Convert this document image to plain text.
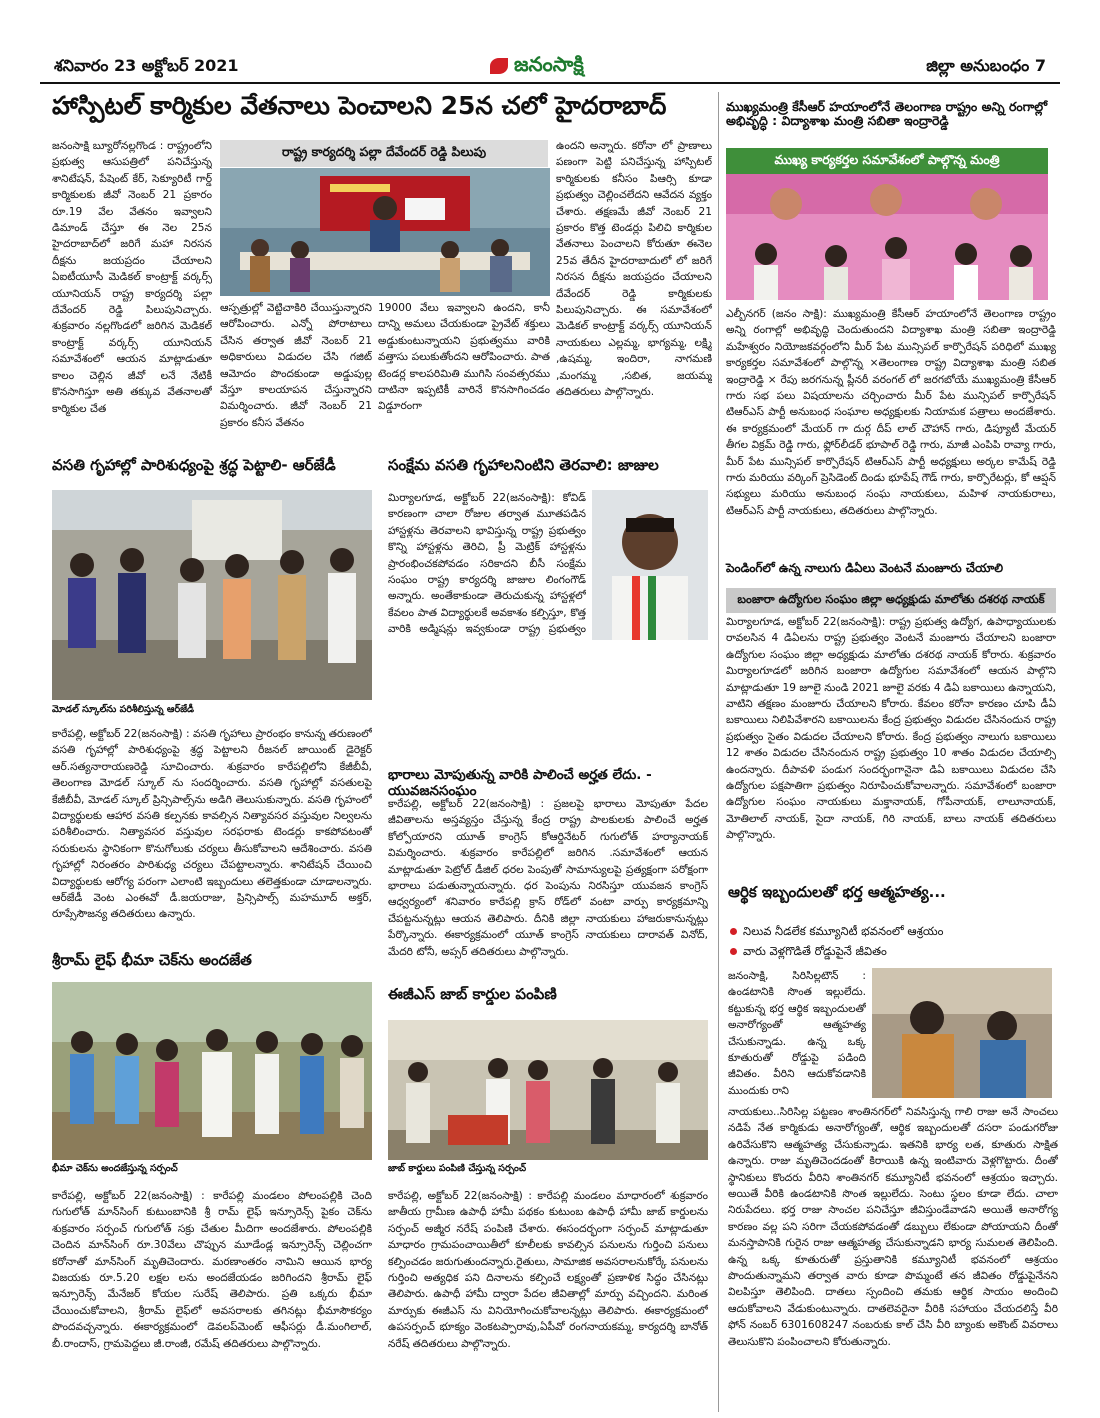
శనివారం 23 అక్టోబర్ 2021	జనంసాక్షి	జిల్లా అనుబంధం 7
హాస్పిటల్ కార్మికుల వేతనాలు పెంచాలని 25న చలో హైదరాబాద్
జనంసాక్షి బ్యూరోనల్లగొండ : రాష్ట్రంలోని ప్రభుత్వ ఆసుపత్రిలో పనిచేస్తున్న శానిటేషన్, పేషెంట్ కేర్, సెక్యూరిటీ గార్డ్ కార్మికులకు జీవో నెంబర్ 21 ప్రకారం రూ.19 వేల వేతనం ఇవ్వాలని డిమాండ్ చేస్తూ ఈ నెల 25న హైదరాబాద్‌లో జరిగే మహా నిరసన దీక్షను జయప్రదం చేయాలని ఏఐటీయూసీ మెడికల్ కాంట్రాక్ట్ వర్కర్స్ యూనియన్ రాష్ట్ర కార్యదర్శి పల్లా దేవేందర్ రెడ్డి పిలుపునిచ్చారు. శుక్రవారం నల్లగొండలో జరిగిన మెడికల్ కాంట్రాక్ట్ వర్కర్స్ యూనియన్ సమావేశంలో ఆయన మాట్లాడుతూ కాలం చెల్లిన జీవో లనే నేటికీ కొనసాగిస్తూ అతి తక్కువ వేతనాలతో కార్మికుల చేత
రాష్ట్ర కార్యదర్శి పల్లా దేవేందర్ రెడ్డి పిలుపు
ఆస్పత్రుల్లో వెట్టిచాకిరి చేయిస్తున్నారని ఆరోపించారు. ఎన్నో పోరాటాలు చేసిన తర్వాత జీవో నెంబర్ 21 అధికారులు విడుదల చేసి గజిట్ ఆమోదం పొందకుండా అడ్డుపుల్ల వేస్తూ కాలయాపన చేస్తున్నారని విమర్శించారు. జీవో నెంబర్ 21 ప్రకారం కనీస వేతనం
19000 వేలు ఇవ్వాలని ఉందని, కానీ దాన్ని అమలు చేయకుండా ప్రైవేట్ శక్తులు అడ్డుకుంటున్నాయని ప్రభుత్వము వారికి వత్తాసు పలుకుతోందని ఆరోపించారు. పాత టెండర్ల కాలపరిమితి ముగిసి సంవత్సరము దాటినా ఇప్పటికీ వారినే కొనసాగించడం విడ్డూరంగా
ఉందని అన్నారు. కరోనా లో ప్రాణాలు పణంగా పెట్టి పనిచేస్తున్న హాస్పిటల్ కార్మికులకు కనీసం పిఆర్సి కూడా ప్రభుత్వం చెల్లించలేదని ఆవేదన వ్యక్తం చేశారు. తక్షణమే జీవో నెంబర్ 21 ప్రకారం కొత్త టెండర్లు పిలిచి కార్మికుల వేతనాలు పెంచాలని కోరుతూ ఈనెల 25వ తేదీన హైదరాబాదులో లో జరిగే నిరసన దీక్షను జయప్రదం చేయాలని దేవేందర్ రెడ్డి కార్మికులకు పిలుపునిచ్చారు. ఈ సమావేశంలో మెడికల్ కాంట్రాక్ట్ వర్కర్స్ యూనియన్ నాయకులు ఎల్లమ్మ, భాగ్యమ్మ, లక్ష్మి ,ఉషమ్మ, ఇందిరా, నాగమణి ,మంగమ్మ ,సబిత, జయమ్మ తదితరులు పాల్గొన్నారు.
వసతి గృహాల్లో పారిశుధ్యంపై శ్రద్ధ పెట్టాలి- ఆర్‌జేడీ
మోడల్ స్కూల్‌ను పరిశీలిస్తున్న ఆర్‌జేడీ
కారేపల్లి, అక్టోబర్ 22(జనంసాక్షి) : వసతి గృహాలు ప్రారంభం కానున్న తరుణంలో వసతి గృహాల్లో పారిశుధ్యంపై శ్రద్ధ పెట్టాలని రీజనల్ జాయింట్ డైరెక్టర్ ఆర్.సత్యనారాయణరెడ్డి సూచించారు. శుక్రవారం కారేపల్లిలోని కేజీబీవీ, తెలంగాణ మోడల్ స్కూల్ ను సందర్శించారు. వసతి గృహాల్లో వసతులపై కేజీబీవీ, మోడల్ స్కూల్ ప్రిన్సిపాల్స్‌ను అడిగి తెలుసుకున్నారు. వసతి గృహంలో విద్యార్థులకు ఆహార వసతి కల్పనకు కావల్సిన నిత్యావసర వస్తువుల నిల్వలను పరిశీలించారు. నిత్యావసర వస్తువుల సరఫరాకు టెండర్లు కాకపోవటంతో సరుకులను స్థానికంగా కొనుగోలుకు చర్యలు తీసుకోవాలని ఆదేశించారు. వసతి గృహాల్లో నిరంతరం పారిశుధ్య చర్యలు చేపట్టాలన్నారు. శానిటేషన్ చేయించి విద్యార్థులకు ఆరోగ్య పరంగా ఎలాంటి ఇబ్బందులు తలెత్తకుండా చూడాలన్నారు. ఆర్‌జేడీ వెంట ఎంఈవో డీ.జయరాజు, ప్రిన్సిపాల్స్ మహమూద్ అక్తర్, రూప్సేసౌజన్య తదితరులు ఉన్నారు.
శ్రీరామ్ లైఫ్ భీమా చెక్‌ను అందజేత
భీమా చెక్‌ను అందజేస్తున్న సర్పంచ్
కారేపల్లి, అక్టోబర్ 22(జనంసాక్షి) : కారేపల్లి మండలం పోలంపల్లికి చెంది గుగులోత్ మాన్‌సింగ్ కుటుంబానికి శ్రీ రామ్ లైఫ్ ఇన్సూరెన్స్ పైకం చెక్‌ను శుక్రవారం సర్పంచ్ గుగులోత్ సక్రు చేతుల మీదిగా అందజేశారు. పోలంపల్లికి చెందిన మాన్‌సింగ్ రూ.30వేలు చొప్పున మూడేండ్ల ఇన్సూరెన్స్ చెల్లించగా కరోనాతో మాన్‌సింగ్ మృతిచెందారు. మరణాంతరం నామిని ఆయిన భార్య విజయకు రూ.5.20 లక్షల లను అందజేయడం జరిగిందని శ్రీరామ్ లైఫ్ ఇన్సూరెన్స్ మేనేజర్ కోయల సురేష్ తెలిపారు. ప్రతి ఒక్కరు భీమా చేయించుకోవాలని, శ్రీరామ్ లైఫ్‌లో అవసరాలకు తగినట్లు భీమాసౌకర్యం పొందవచ్చన్నారు. ఈకార్యక్రమంలో డెవలప్‌మెంట్ ఆఫీసర్లు డీ.మంగిలాల్, బీ.రాందాస్, గ్రామపెద్దలు జీ.రాంజీ, రమేష్ తదితరులు పాల్గొన్నారు.
సంక్షేమ వసతి గృహాలనింటిని తెరవాలి: జాజుల
మిర్యాలగూడ, అక్టోబర్ 22(జనంసాక్షి): కోవిడ్ కారణంగా చాలా రోజుల తర్వాత మూతపడిన హాస్టళ్లను తెరవాలని భావిస్తున్న రాష్ట్ర ప్రభుత్వం కొన్ని హాస్టళ్లను తెరిచి, ప్రీ మెట్రిక్ హాస్టళ్లను ప్రారంభించకపోవడం సరికాదని బీసీ సంక్షేమ సంఘం రాష్ట్ర కార్యదర్శి జాజుల లింగంగౌడ్ అన్నారు. అంతేకాకుండా తెరుచుకున్న హాస్టళ్లలో కేవలం పాత విద్యార్థులకే అవకాశం కల్పిస్తూ, కొత్త వారికి అడ్మిషన్లు ఇవ్వకుండా రాష్ట్ర ప్రభుత్వం
భారాలు మోపుతున్న వారికి పాలించే అర్హత లేదు. - యువజనసంఘం
కారేపల్లి, అక్టోబర్ 22(జనంసాక్షి) : ప్రజలపై భారాలు మోపుతూ పేదల జీవితాలను అస్తవ్యస్తం చేస్తున్న కేంద్ర రాష్ట్ర పాలకులకు పాలించే అర్హత కోల్పోయారని యూత్ కాంగ్రెస్ కోఆర్డినేటర్ గుగులోత్ హర్యానాయక్ విమర్శించారు. శుక్రవారం కారేపల్లిలో జరిగిన .సమావేశంలో ఆయన మాట్లాడుతూ పెట్రోల్ డీజిల్ ధరల పెంపుతో సామాన్యులపై ప్రత్యక్షంగా పరోక్షంగా భారాలు పడుతున్నాయన్నారు. ధర పెంపును నిరసిస్తూ యువజన కాంగ్రెస్ ఆధ్వర్యంలో శనివారం కారేపల్లి క్రాస్ రోడ్‌లో వంటా వార్పు కార్యక్రమాన్ని చేపట్టనున్నట్లు ఆయన తెలిపారు. దీనికి జిల్లా నాయకులు హాజరుకానున్నట్లు పేర్కొన్నారు. ఈకార్యక్రమంలో యూత్ కాంగ్రెస్ నాయకులు దారావత్ వినోద్, మేదరి టోనీ, అప్సర్ తదితరులు పాల్గొన్నారు.
ఈజీఎస్ జాబ్ కార్డుల పంపిణి
జాబ్ కార్డులు పంపిణి చేస్తున్న సర్పంచ్
కారేపల్లి, అక్టోబర్ 22(జనంసాక్షి) : కారేపల్లి మండలం మాధారంలో శుక్రవారం జాతీయ గ్రామీణ ఉపాధీ హామీ పథకం కుటుంబ ఉపాధీ హామీ జాబ్ కార్డులను సర్పంచ్ అజ్మీర నరేష్ పంపిణి చేశారు. ఈసందర్భంగా సర్పంచ్ మాట్లాడుతూ మాధారం గ్రామపంచాయితీలో కూలీలకు కావల్సిన పనులను గుర్తించి పనులు కల్పించడం జరుగుతుందన్నారు.రైతులు, సామాజిక అవసరాలనుకోర్కే పనులను గుర్తించి అత్యధిక పని దినాలను కల్పించే లక్ష్యంతో ప్రణాళిక సిద్ధం చేసినట్లు తెలిపారు. ఉపాధీ హామీ ద్వారా పేదల జీవితాల్లో మార్పు వచ్చిందని. మరింత మార్పుకు ఈజీఎస్ ను వినియోగించుకోవాలన్నట్లు తెలిపారు. ఈకార్యక్రమంలో ఉపసర్పంచ్ భూక్యం వెంకటప్పారావు,ఏపీవో రంగనాయకమ్మ, కార్యదర్శి బానోత్ నరేష్ తదితరులు పాల్గొన్నారు.
ముఖ్యమంత్రి కేసీఆర్ హయాంలోనే తెలంగాణ రాష్ట్రం అన్ని రంగాల్లో అభివృద్ధి : విద్యాశాఖ మంత్రి సబితా ఇంద్రారెడ్డి
ముఖ్య కార్యకర్తల సమావేశంలో పాల్గొన్న మంత్రి
ఎల్బీనగర్ (జనం సాక్షి): ముఖ్యమంత్రి కేసీఆర్ హయాంలోనే తెలంగాణ రాష్ట్రం అన్ని రంగాల్లో అభివృద్ధి చెందుతుందని విద్యాశాఖ మంత్రి సబితా ఇంద్రారెడ్డి మహేశ్వరం నియోజకవర్గంలోని మీర్ పేట మున్సిపల్ కార్పొరేషన్ పరిధిలో ముఖ్య కార్యకర్తల సమావేశంలో పాల్గొన్న ×తెలంగాణ రాష్ట్ర విద్యాశాఖ మంత్రి సబిత ఇంద్రారెడ్డి × రేపు జరగనున్న ప్లీనరీ వరంగల్ లో జరగబోయే ముఖ్యమంత్రి కేసీఆర్ గారు సభ పలు విషయాలను చర్చించారు మీర్ పేట మున్సిపల్ కార్పొరేషన్ టిఆర్ఎస్ పార్టీ అనుబంధ సంఘాల అధ్యక్షులకు నియామక పత్రాలు అందజేశారు. ఈ కార్యక్రమంలో మేయర్ గా దుర్గ దీప్ లాల్ చౌహాన్ గారు, డిప్యూటీ మేయర్ తీగల విక్రమ్ రెడ్డి గారు, ఫ్లోర్‌లీడర్ భూపాల్ రెడ్డి గారు, మాజీ ఎంపిపి రావ్యా గారు, మీర్ పేట మున్సిపల్ కార్పొరేషన్ టిఆర్ఎస్ పార్టీ అధ్యక్షులు అర్కల కామేష్ రెడ్డి గారు మరియు వర్కింగ్ ప్రెసిడెంట్ దిండు భూపేష్ గౌడ్ గారు, కార్పొరేటర్లు, కో ఆప్షన్ సభ్యులు మరియు అనుబంధ సంఘ నాయకులు, మహిళ నాయకురాలు, టిఆర్ఎస్ పార్టీ నాయకులు, తదితరులు పాల్గొన్నారు.
పెండింగ్‌లో ఉన్న నాలుగు డిఏలు వెంటనే మంజూరు చేయాలి
బంజారా ఉద్యోగుల సంఘం జిల్లా అధ్యక్షుడు మాలోతు దశరథ నాయక్
మిర్యాలగూడ, అక్టోబర్ 22(జనంసాక్షి): రాష్ట్ర ప్రభుత్వ ఉద్యోగ, ఉపాధ్యాయులకు రావలసిన 4 డిఏలను రాష్ట్ర ప్రభుత్వం వెంటనే మంజూరు చేయాలని బంజారా ఉద్యోగుల సంఘం జిల్లా అధ్యక్షుడు మాలోతు దశరథ నాయక్ కోరారు. శుక్రవారం మిర్యాలగూడలో జరిగిన బంజారా ఉద్యోగుల సమావేశంలో ఆయన పాల్గొని మాట్లాడుతూ 19 జూలై నుండి 2021 జూలై వరకు 4 డిఏ బకాయిలు ఉన్నాయని, వాటిని తక్షణం మంజూరు చేయాలని కోరారు. కేవలం కరోనా కారణం చూపి డీఏ బకాయిలు నిలిపివేశారని బకాయిలను కేంద్ర ప్రభుత్వం విడుదల చేసినందున రాష్ట్ర ప్రభుత్వం సైతం విడుదల చేయాలని కోరారు. కేంద్ర ప్రభుత్వం నాలుగు బకాయిలు 12 శాతం విడుదల చేసినందున రాష్ట్ర ప్రభుత్వం 10 శాతం విడుదల చేయాల్సి ఉందన్నారు. దీపావళి పండుగ సందర్భంగానైనా డిఏ బకాయిలు విడుదల చేసి ఉద్యోగుల పక్షపాతిగా ప్రభుత్వం నిరూపించుకోవాలన్నారు. సమావేశంలో బంజారా ఉద్యోగుల సంఘం నాయకులు మక్తానాయక్, గోపీనాయక్, లాలూనాయక్, మోతిలాల్ నాయక్, సైదా నాయక్, గిరి నాయక్, బాలు నాయక్ తదితరులు పాల్గొన్నారు.
ఆర్థిక ఇబ్బందులతో భర్త ఆత్మహత్య...
నిలువ నీడలేక కమ్యూనిటీ భవనంలో ఆశ్రయం
వారు వెళ్లగొడితే రోడ్డుపైనే జీవితం
జనంసాక్షి, సిరిసిల్లటౌన్ : ఉండటానికి సొంత ఇల్లులేదు. కట్టుకున్న భర్త ఆర్థిక ఇబ్బందులతో అనారోగ్యంతో ఆత్మహత్య చేసుకున్నాడు. ఉన్న ఒక్క కూతురుతో రోడ్డుపై పడింది జీవితం. వీరిని ఆదుకోవడానికి ముందుకు రాని
నాయకులు..సిరిసిల్ల పట్టణం శాంతినగర్‌లో నివసిస్తున్న గాలి రాజు అనే సాంచలు నడిపే నేత కార్మికుడు అనారోగ్యంతో, ఆర్థిక ఇబ్బందులతో దసరా పండుగరోజు ఉరివేసుకొని ఆత్మహత్య చేసుకున్నాడు. ఇతనికి భార్య లత, కూతురు సాక్షిత ఉన్నారు. రాజు మృతిచెందడంతో కిరాయికి ఉన్న ఇంటివారు వెళ్లగొట్టారు. దీంతో స్థానికులు కొందరు వీరిని శాంతినగర్ కమ్యూనిటీ భవనంలో ఆశ్రయం ఇచ్చారు. అయితే వీరికి ఉండటానికి సొంత ఇల్లులేదు. సెంటు స్థలం కూడా లేదు. చాలా నిరుపేదలు. భర్త రాజు సాంచల పనిచేస్తూ జీవిస్తుండేవాడని అయితే అనారోగ్య కారణం వల్ల పని సరిగా చేయకపోవడంతో డబ్బులు లేకుండా పోయాయని దీంతో మనస్తాపానికి గురైన రాజు ఆత్మహత్య చేసుకున్నాడని భార్య సుమలత తెలిపింది. ఉన్న ఒక్క కూతురుతో ప్రస్తుతానికి కమ్యూనిటీ భవనంలో ఆశ్రయం పొందుతున్నామని తర్వాత వారు కూడా పొమ్మంటే తన జీవితం రోడ్డుపైనేనని విలపిస్తూ తెలిపింది. దాతలు స్పందించి తమకు ఆర్థిక సాయం అందించి ఆదుకోవాలని వేడుకుంటున్నారు. దాతలెవరైనా వీరికి సహాయం చేయదలిస్తే వీరి ఫోన్ నంబర్ 6301608247 నంబరుకు కాల్ చేసి వీరి బ్యాంకు అకౌంట్ వివరాలు తెలుసుకొని పంపించాలని కోరుతున్నారు.
